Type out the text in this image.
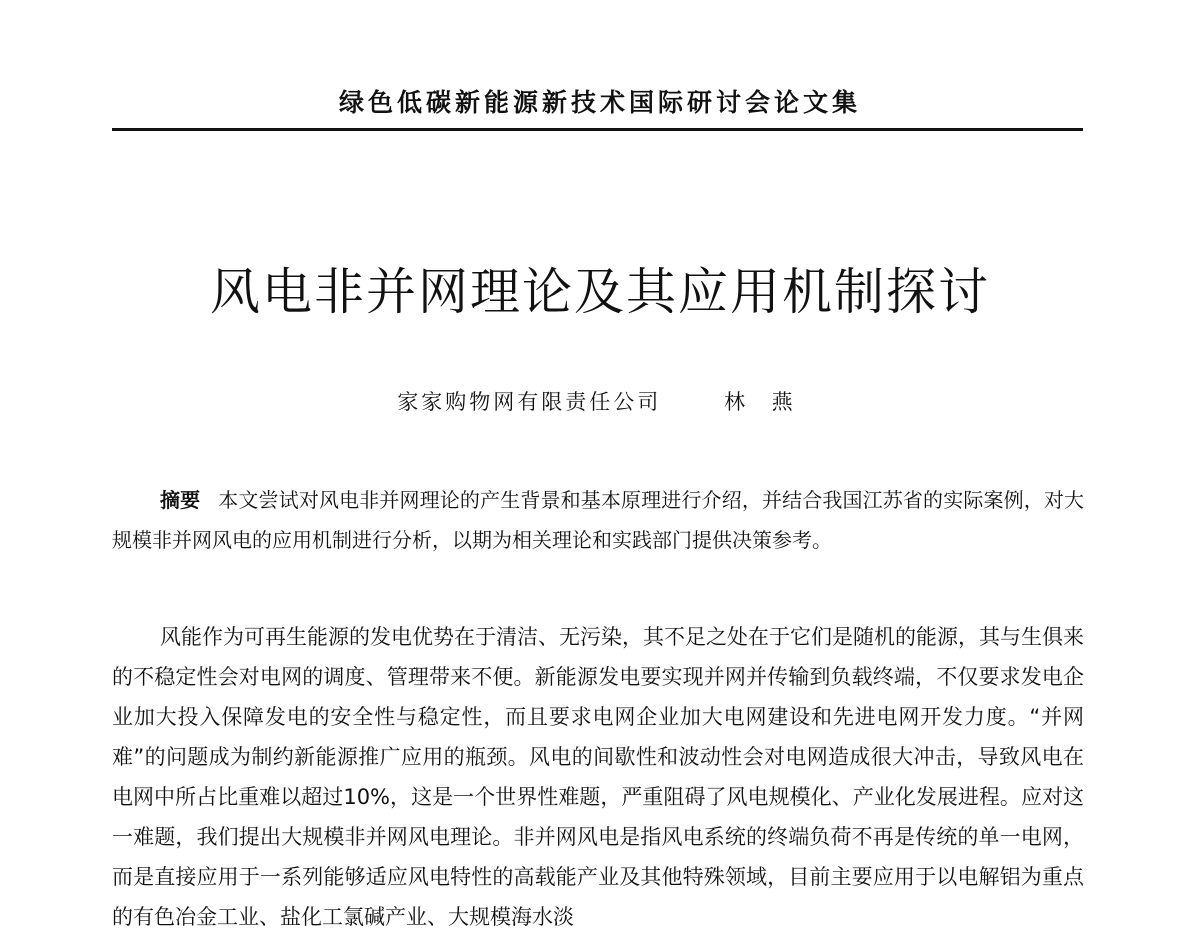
绿色低碳新能源新技术国际研讨会论文集
风电非并网理论及其应用机制探讨
家家购物网有限责任公司	林 燕
摘要 本文尝试对风电非并网理论的产生背景和基本原理进行介绍，并结合我国江苏省的实际案例，对大规模非并网风电的应用机制进行分析，以期为相关理论和实践部门提供决策参考。

风能作为可再生能源的发电优势在于清洁、无污染，其不足之处在于它们是随机的能源，其与生俱来的不稳定性会对电网的调度、管理带来不便。新能源发电要实现并网并传输到负载终端，不仅要求发电企业加大投入保障发电的安全性与稳定性，而且要求电网企业加大电网建设和先进电网开发力度。“并网难”的问题成为制约新能源推广应用的瓶颈。风电的间歇性和波动性会对电网造成很大冲击，导致风电在电网中所占比重难以超过10%，这是一个世界性难题，严重阻碍了风电规模化、产业化发展进程。应对这一难题，我们提出大规模非并网风电理论。非并网风电是指风电系统的终端负荷不再是传统的单一电网，而是直接应用于一系列能够适应风电特性的高载能产业及其他特殊领域，目前主要应用于以电解铝为重点的有色冶金工业、盐化工氯碱产业、大规模海水淡
